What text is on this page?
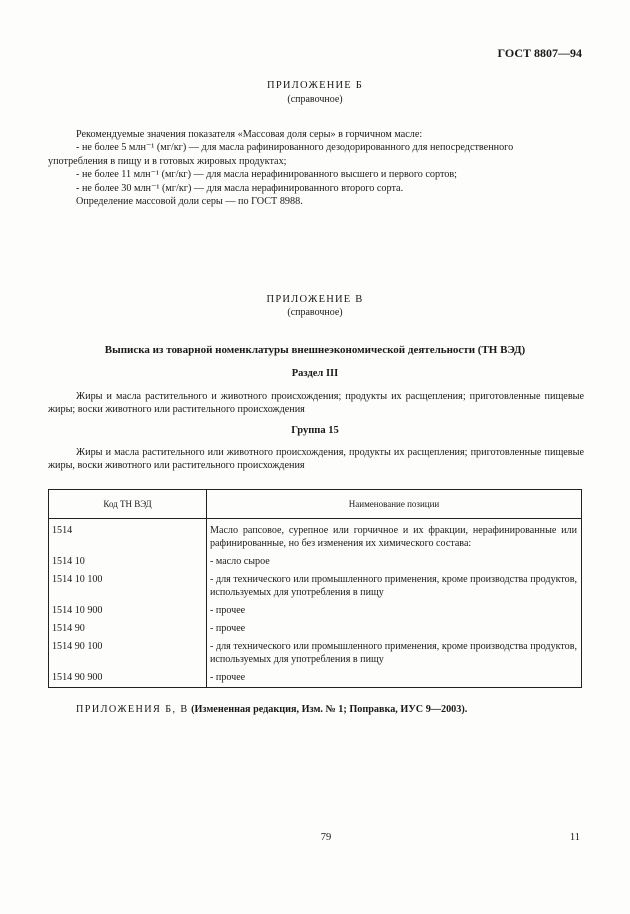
ГОСТ 8807—94
ПРИЛОЖЕНИЕ Б
(справочное)

Рекомендуемые значения показателя «Массовая доля серы» в горчичном масле:

- не более 5 млн⁻¹ (мг/кг) — для масла рафинированного дезодорированного для непосредственного

употребления в пищу и в готовых жировых продуктах;

- не более 11 млн⁻¹ (мг/кг) — для масла нерафинированного высшего и первого сортов;

- не более 30 млн⁻¹ (мг/кг) — для масла нерафинированного второго сорта.

Определение массовой доли серы — по ГОСТ 8988.

ПРИЛОЖЕНИЕ В
(справочное)
Выписка из товарной номенклатуры внешнеэкономической деятельности (ТН ВЭД)
Раздел III

Жиры и масла растительного и животного происхождения; продукты их расщепления; приготовленные пищевые жиры; воски животного или растительного происхождения

Группа 15

Жиры и масла растительного или животного происхождения, продукты их расщепления; приготовленные пищевые жиры, воски животного или растительного происхождения

Код ТН ВЭД	Наименование позиции
1514	Масло рапсовое, сурепное или горчичное и их фракции, нерафинированные или рафинированные, но без изменения их химического состава:
1514 10	- масло сырое
1514 10 100	- для технического или промышленного применения, кроме производства продуктов, используемых для употребления в пищу
1514 10 900	- прочее
1514 90	- прочее
1514 90 100	- для технического или промышленного применения, кроме производства продуктов, используемых для употребления в пищу
1514 90 900	- прочее
ПРИЛОЖЕНИЯ Б, В (Измененная редакция, Изм. № 1; Поправка, ИУС 9—2003).
79	11
